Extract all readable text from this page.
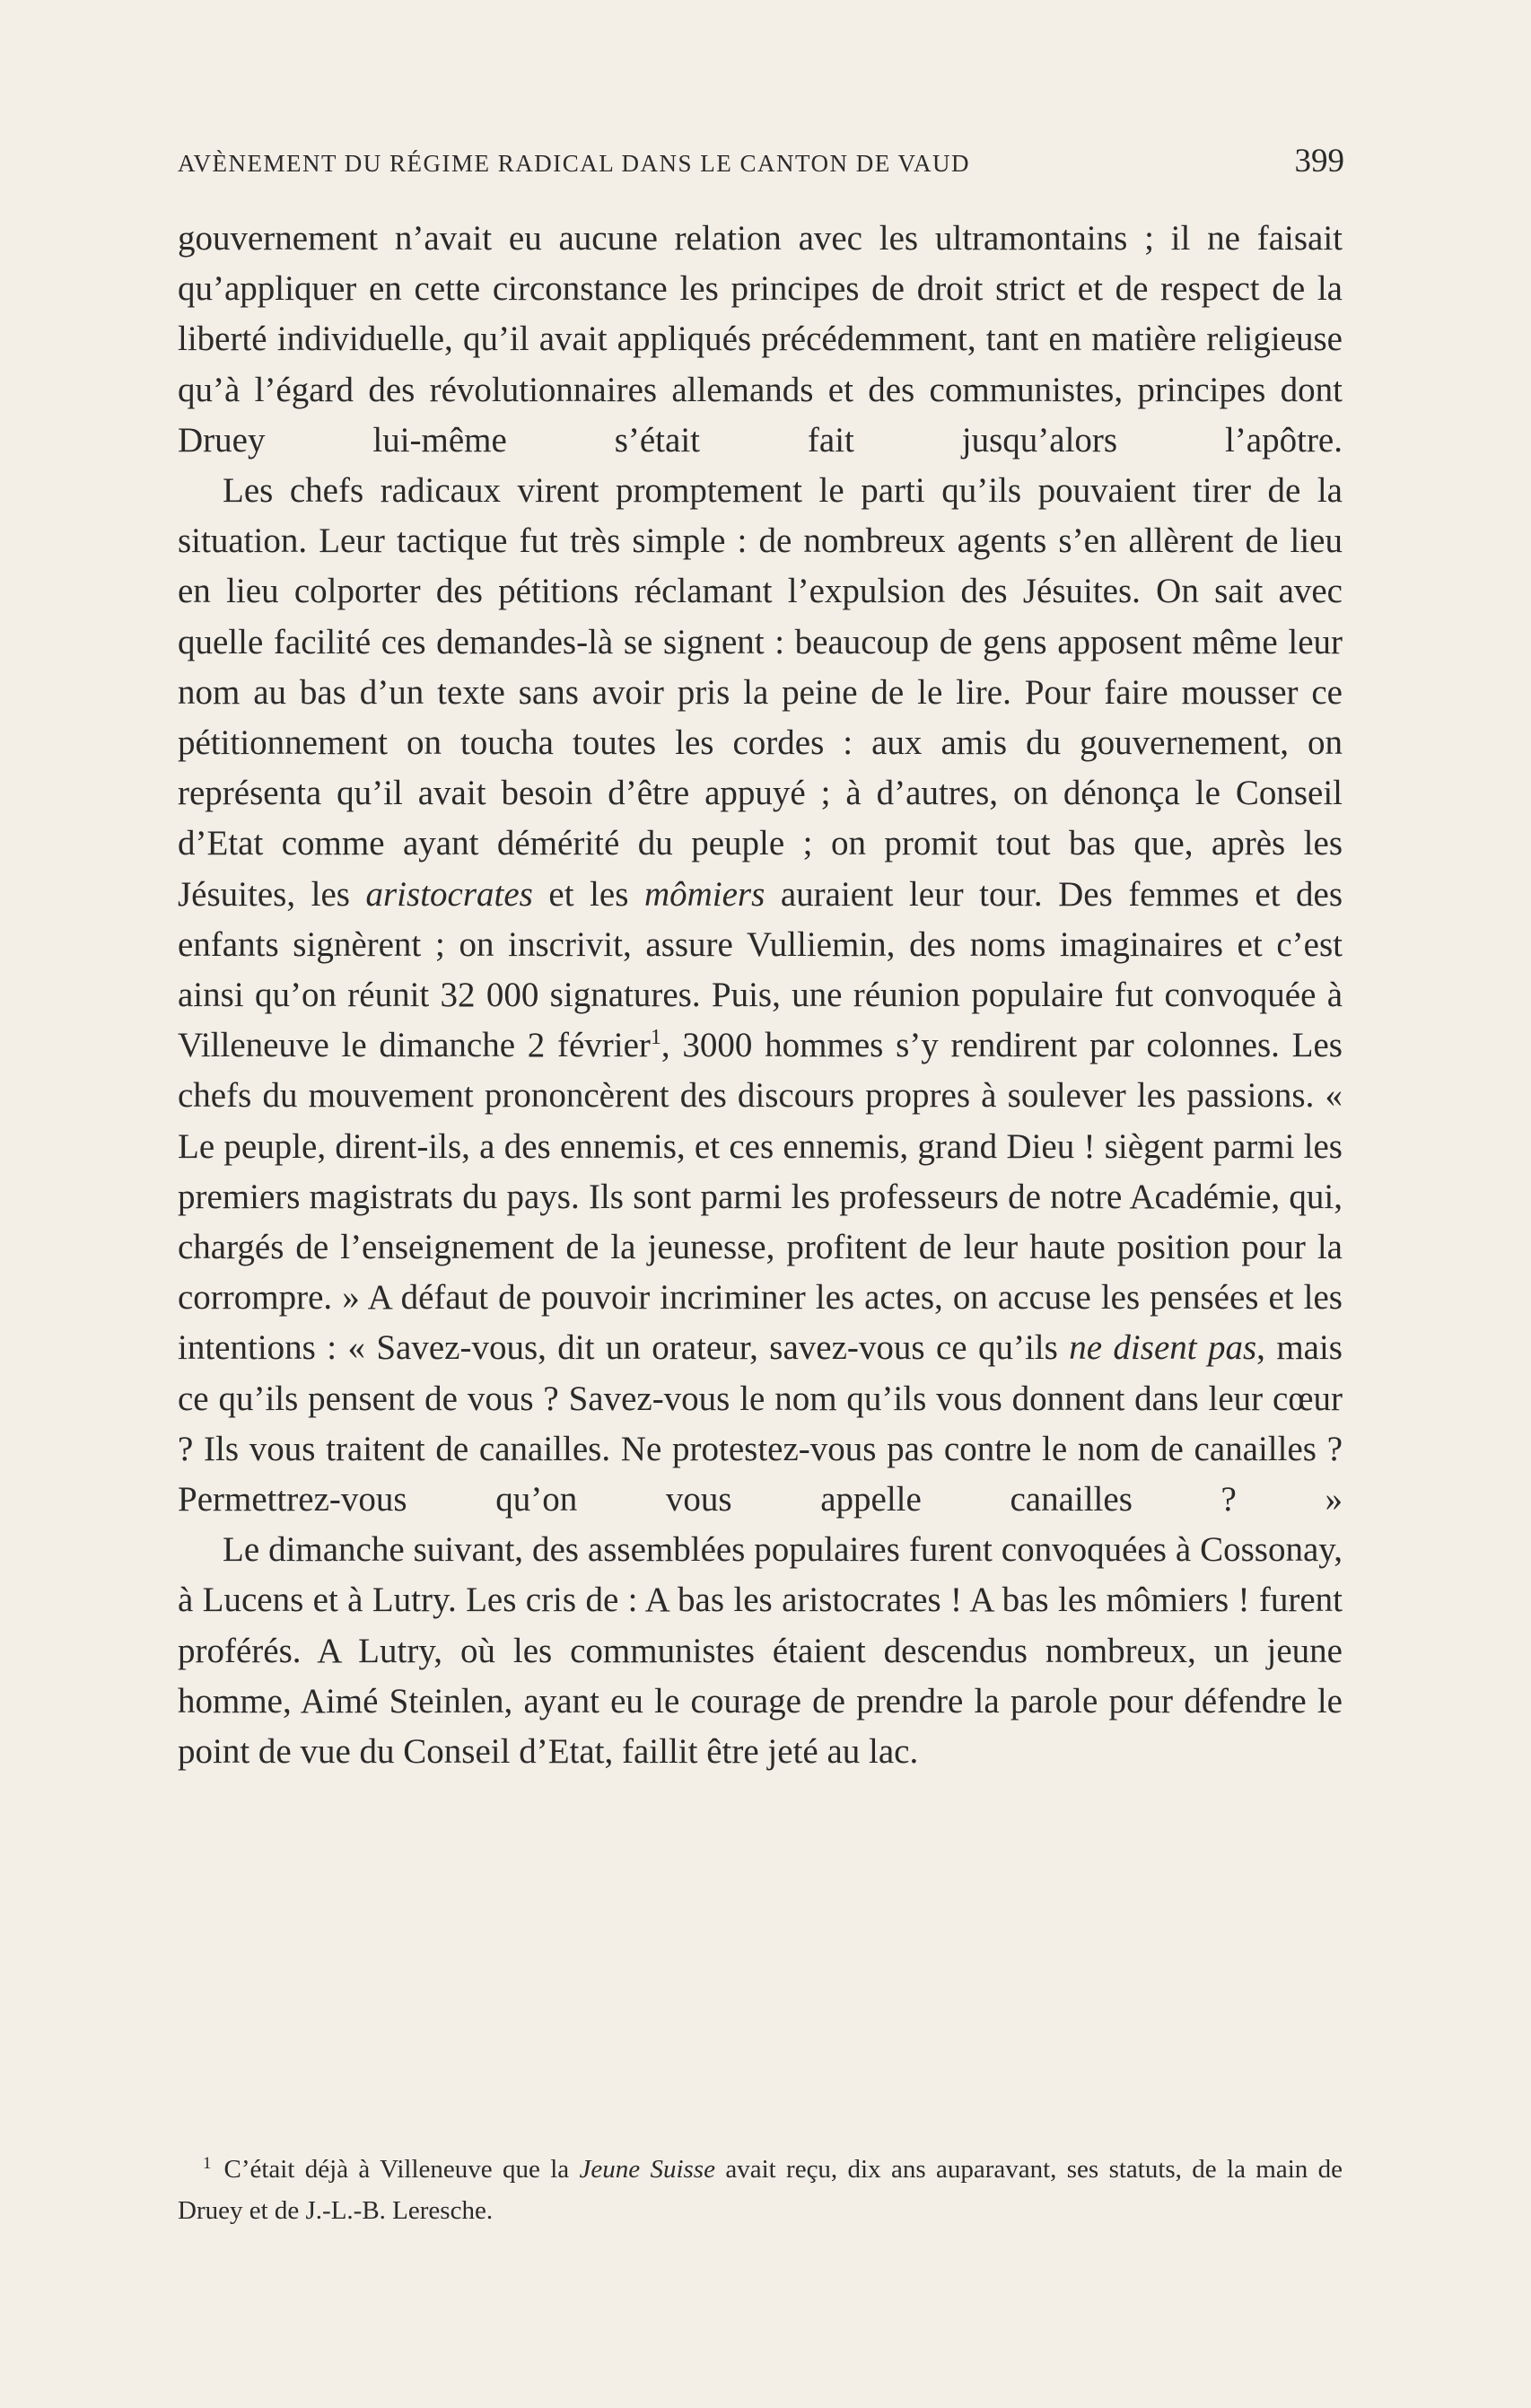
AVÈNEMENT DU RÉGIME RADICAL DANS LE CANTON DE VAUD	399

gouvernement n’avait eu aucune relation avec les ultramontains ; il ne faisait qu’appliquer en cette circonstance les principes de droit strict et de respect de la liberté individuelle, qu’il avait appliqués précédemment, tant en matière religieuse qu’à l’égard des révolutionnaires allemands et des communistes, principes dont Druey lui-même s’était fait jusqu’alors l’apôtre.

Les chefs radicaux virent promptement le parti qu’ils pouvaient tirer de la situation. Leur tactique fut très simple : de nombreux agents s’en allèrent de lieu en lieu colporter des pétitions réclamant l’expulsion des Jésuites. On sait avec quelle facilité ces demandes-là se signent : beaucoup de gens apposent même leur nom au bas d’un texte sans avoir pris la peine de le lire. Pour faire mousser ce pétitionnement on toucha toutes les cordes : aux amis du gouvernement, on représenta qu’il avait besoin d’être appuyé ; à d’autres, on dénonça le Conseil d’Etat comme ayant démérité du peuple ; on promit tout bas que, après les Jésuites, les aristocrates et les mômiers auraient leur tour. Des femmes et des enfants signèrent ; on inscrivit, assure Vulliemin, des noms imaginaires et c’est ainsi qu’on réunit 32 000 signatures. Puis, une réunion populaire fut convoquée à Villeneuve le dimanche 2 février$^1$, 3000 hommes s’y rendirent par colonnes. Les chefs du mouvement prononcèrent des discours propres à soulever les passions. « Le peuple, dirent-ils, a des ennemis, et ces ennemis, grand Dieu ! siègent parmi les premiers magistrats du pays. Ils sont parmi les professeurs de notre Académie, qui, chargés de l’enseignement de la jeunesse, profitent de leur haute position pour la corrompre. » A défaut de pouvoir incriminer les actes, on accuse les pensées et les intentions : « Savez-vous, dit un orateur, savez-vous ce qu’ils ne disent pas, mais ce qu’ils pensent de vous ? Savez-vous le nom qu’ils vous donnent dans leur cœur ? Ils vous traitent de canailles. Ne protestez-vous pas contre le nom de canailles ? Permettrez-vous qu’on vous appelle canailles ? »

Le dimanche suivant, des assemblées populaires furent convoquées à Cossonay, à Lucens et à Lutry. Les cris de : A bas les aristocrates ! A bas les mômiers ! furent proférés. A Lutry, où les communistes étaient descendus nombreux, un jeune homme, Aimé Steinlen, ayant eu le courage de prendre la parole pour défendre le point de vue du Conseil d’Etat, faillit être jeté au lac.

$^1$ C’était déjà à Villeneuve que la Jeune Suisse avait reçu, dix ans auparavant, ses statuts, de la main de Druey et de J.-L.-B. Leresche.
